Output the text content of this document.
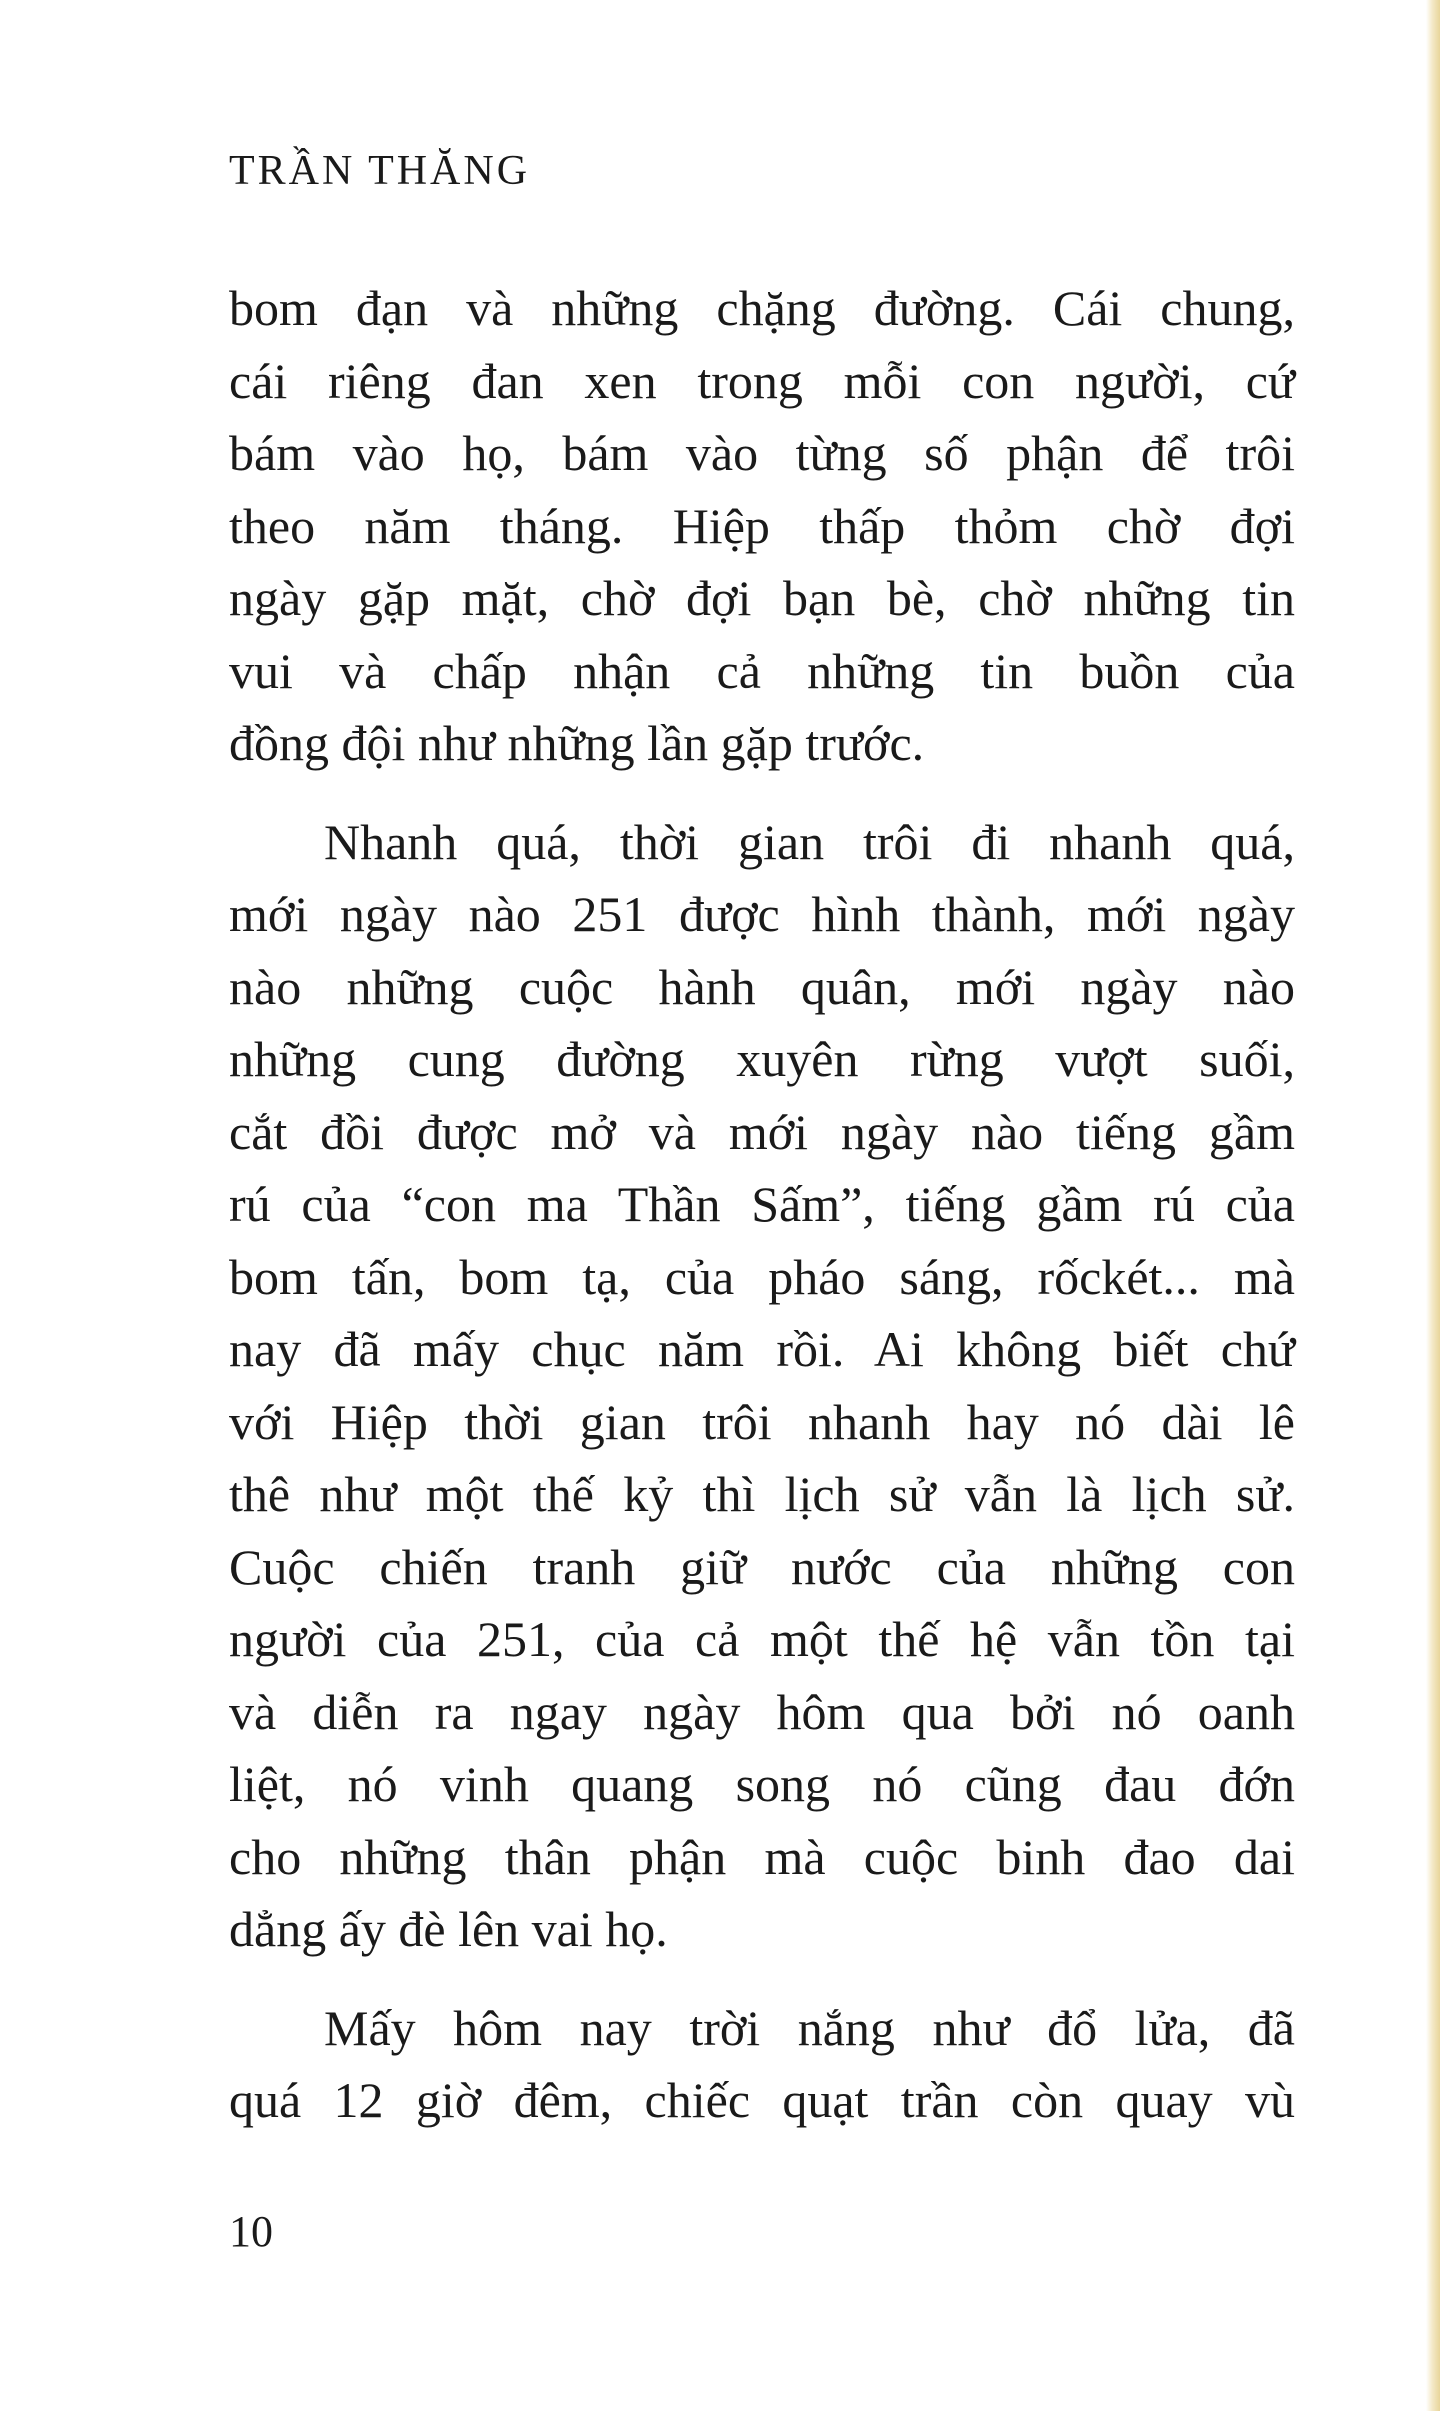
TRẦN THĂNG
bom đạn và những chặng đường. Cái chung,
cái riêng đan xen trong mỗi con người, cứ
bám vào họ, bám vào từng số phận để trôi
theo năm tháng. Hiệp thấp thỏm chờ đợi
ngày gặp mặt, chờ đợi bạn bè, chờ những tin
vui và chấp nhận cả những tin buồn của
đồng đội như những lần gặp trước.
Nhanh quá, thời gian trôi đi nhanh quá,
mới ngày nào 251 được hình thành, mới ngày
nào những cuộc hành quân, mới ngày nào
những cung đường xuyên rừng vượt suối,
cắt đồi được mở và mới ngày nào tiếng gầm
rú của “con ma Thần Sấm”, tiếng gầm rú của
bom tấn, bom tạ, của pháo sáng, rốckét... mà
nay đã mấy chục năm rồi. Ai không biết chứ
với Hiệp thời gian trôi nhanh hay nó dài lê
thê như một thế kỷ thì lịch sử vẫn là lịch sử.
Cuộc chiến tranh giữ nước của những con
người của 251, của cả một thế hệ vẫn tồn tại
và diễn ra ngay ngày hôm qua bởi nó oanh
liệt, nó vinh quang song nó cũng đau đớn
cho những thân phận mà cuộc binh đao dai
dẳng ấy đè lên vai họ.
Mấy hôm nay trời nắng như đổ lửa, đã
quá 12 giờ đêm, chiếc quạt trần còn quay vù
10
